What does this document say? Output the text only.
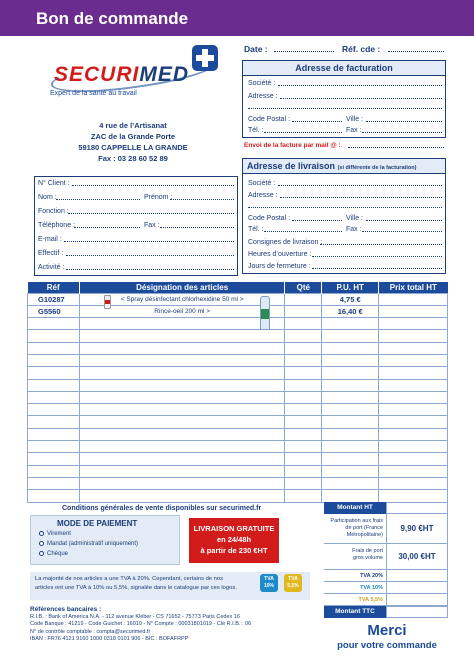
Bon de commande
SECURIMED
Expert de la santé au travail
4 rue de l’Artisanat
ZAC de la Grande Porte
59180 CAPPELLE LA GRANDE
Fax : 03 28 60 52 89
Date :	Réf. cde :
Adresse de facturation
Société :
Adresse :
Code Postal :	Ville :
Tél. :	Fax :
Envoi de la facture par mail @ :
Adresse de livraison (si différente de la facturation)
Société :
Adresse :
Code Postal :	Ville :
Tél. :	Fax :
Consignes de livraison :
Heures d’ouverture :
Jours de fermeture :
N° Client :
Nom :	Prénom :
Fonction :
Téléphone :	Fax :
E-mail :
Effectif :
Activité :
Réf	Désignation des articles	Qté	P.U. HT	Prix total HT
G10287	< Spray désinfectant chlorhexidine 50 ml >		4,75 €	
G5560	Rince-oeil 200 ml >		16,40 €	

Conditions générales de vente disponibles sur securimed.fr
MODE DE PAIEMENT
Virement
Mandat (administratif uniquement)
Chèque
LIVRAISON GRATUITE
en 24/48h
à partir de 230 €HT
Montant HT
Participation aux frais de port (France Métropolitaine)
9,90 €HT
Frais de port gros volume	30,00 €HT
TVA 20%
TVA 10%
TVA 5,5%
Montant TTC
La majorité de nos articles a une TVA à 20%. Cependant, certains de nos
articles ont une TVA à 10% ou 5,5%, signalée dans le catalogue par ces logos.
TVA
10%
TVA
5,5%
Références bancaires :
R.I.B. : Bank of America N.A. - 112 avenue Kléber - CS 71652 - 75773 Paris Cedex 16
Code Banque : 41219 - Code Guichet : 16010 - N° Compte : 00031801019 - Clé R.I.B. : 06
N° de contrôle comptable : compta@securimed.fr
IBAN : FR76 4121 9160 1000 0318 0101 906 - BIC : BOFAFRPP	Merci
pour votre commande
